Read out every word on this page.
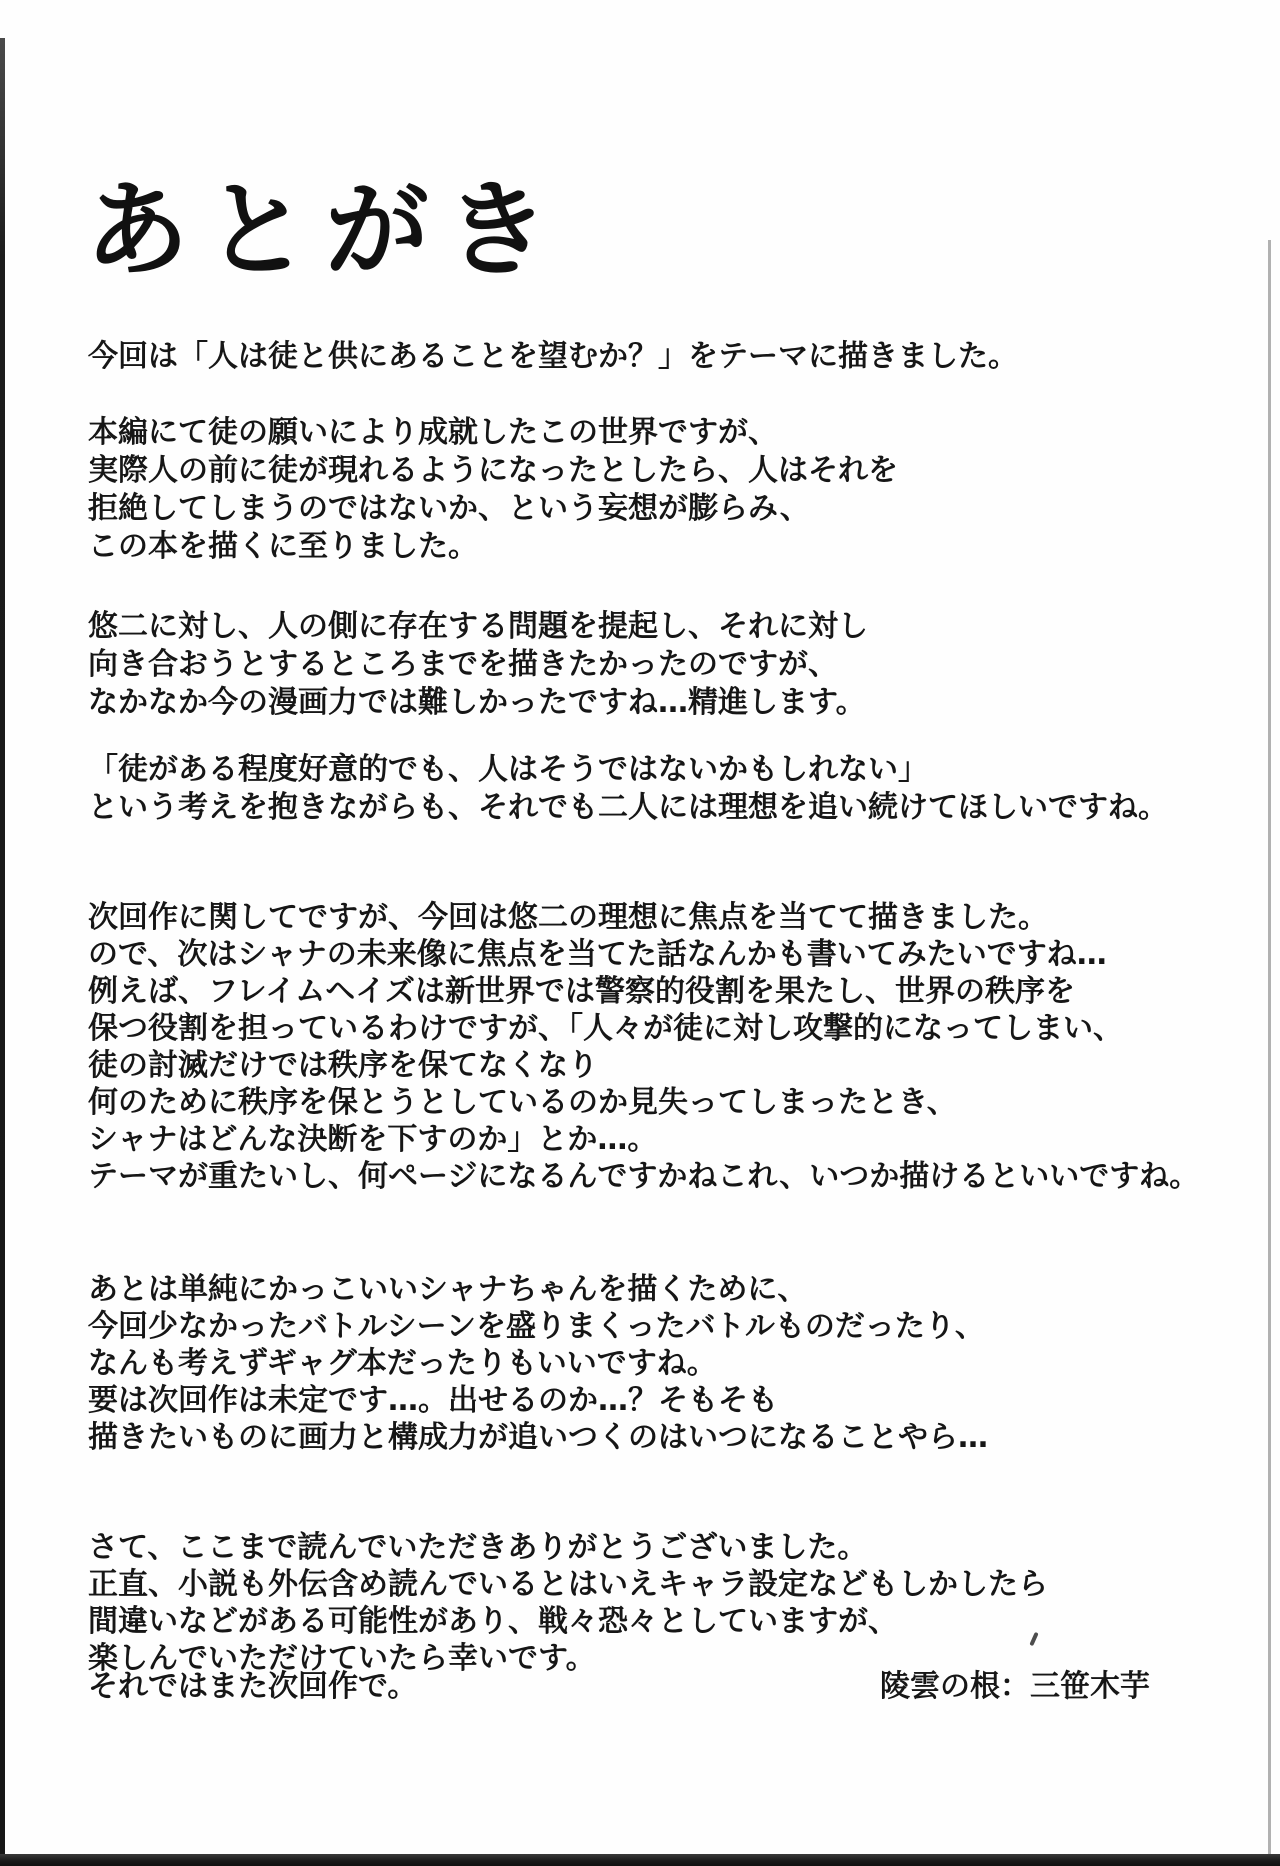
あとがき
今回は「人は徒と供にあることを望むか？」をテーマに描きました。
本編にて徒の願いにより成就したこの世界ですが、
実際人の前に徒が現れるようになったとしたら、人はそれを
拒絶してしまうのではないか、という妄想が膨らみ、
この本を描くに至りました。
悠二に対し、人の側に存在する問題を提起し、それに対し
向き合おうとするところまでを描きたかったのですが、
なかなか今の漫画力では難しかったですね…精進します。
「徒がある程度好意的でも、人はそうではないかもしれない」
という考えを抱きながらも、それでも二人には理想を追い続けてほしいですね。
次回作に関してですが、今回は悠二の理想に焦点を当てて描きました。
ので、次はシャナの未来像に焦点を当てた話なんかも書いてみたいですね…
例えば、フレイムヘイズは新世界では警察的役割を果たし、世界の秩序を
保つ役割を担っているわけですが、「人々が徒に対し攻撃的になってしまい、
徒の討滅だけでは秩序を保てなくなり
何のために秩序を保とうとしているのか見失ってしまったとき、
シャナはどんな決断を下すのか」とか…。
テーマが重たいし、何ページになるんですかねこれ、いつか描けるといいですね。
あとは単純にかっこいいシャナちゃんを描くために、
今回少なかったバトルシーンを盛りまくったバトルものだったり、
なんも考えずギャグ本だったりもいいですね。
要は次回作は未定です…。出せるのか…？そもそも
描きたいものに画力と構成力が追いつくのはいつになることやら…
さて、ここまで読んでいただきありがとうございました。
正直、小説も外伝含め読んでいるとはいえキャラ設定などもしかしたら
間違いなどがある可能性があり、戦々恐々としていますが、
楽しんでいただけていたら幸いです。
それではまた次回作で。	陵雲の根：三笹木芋
